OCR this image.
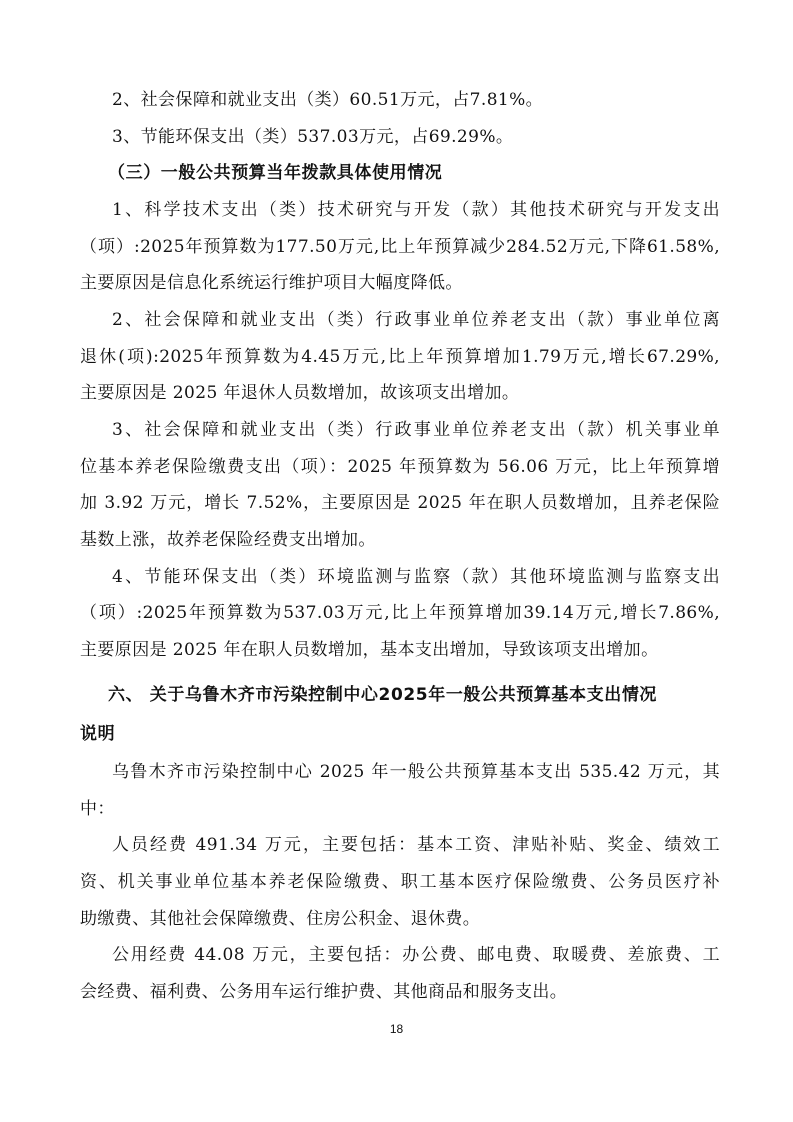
2、社会保障和就业支出（类）60.51万元，占7.81%。
3、节能环保支出（类）537.03万元，占69.29%。
（三）一般公共预算当年拨款具体使用情况
1、科学技术支出（类）技术研究与开发（款）其他技术研究与开发支出
（项）:2025年预算数为177.50万元,比上年预算减少284.52万元,下降61.58%,
主要原因是信息化系统运行维护项目大幅度降低。
2、社会保障和就业支出（类）行政事业单位养老支出（款）事业单位离
退休(项):2025年预算数为4.45万元,比上年预算增加1.79万元,增长67.29%,
主要原因是 2025 年退休人员数增加，故该项支出增加。
3、社会保障和就业支出（类）行政事业单位养老支出（款）机关事业单
位基本养老保险缴费支出（项）：2025 年预算数为 56.06 万元，比上年预算增
加 3.92 万元，增长 7.52%，主要原因是 2025 年在职人员数增加，且养老保险
基数上涨，故养老保险经费支出增加。
4、节能环保支出（类）环境监测与监察（款）其他环境监测与监察支出
（项）:2025年预算数为537.03万元,比上年预算增加39.14万元,增长7.86%,
主要原因是 2025 年在职人员数增加，基本支出增加，导致该项支出增加。
六、 关于乌鲁木齐市污染控制中心2025年一般公共预算基本支出情况
说明
乌鲁木齐市污染控制中心 2025 年一般公共预算基本支出 535.42 万元，其
中：
人员经费 491.34 万元，主要包括：基本工资、津贴补贴、奖金、绩效工
资、机关事业单位基本养老保险缴费、职工基本医疗保险缴费、公务员医疗补
助缴费、其他社会保障缴费、住房公积金、退休费。
公用经费 44.08 万元，主要包括：办公费、邮电费、取暖费、差旅费、工
会经费、福利费、公务用车运行维护费、其他商品和服务支出。
18
